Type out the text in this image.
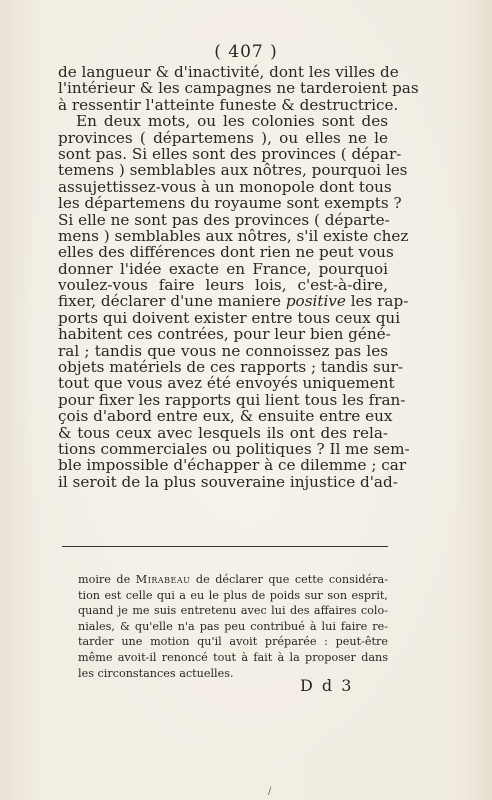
( 407 )
de langueur & d'inactivité, dont les villes de
l'intérieur & les campagnes ne tarderoient pas
à ressentir l'atteinte funeste & destructrice.
En deux mots, ou les colonies sont des
provinces ( départemens ), ou elles ne le
sont pas. Si elles sont des provinces ( dépar-
temens ) semblables aux nôtres, pourquoi les
assujettissez-vous à un monopole dont tous
les départemens du royaume sont exempts ?
Si elle ne sont pas des provinces ( départe-
mens ) semblables aux nôtres, s'il existe chez
elles des différences dont rien ne peut vous
donner l'idée exacte en France, pourquoi
voulez-vous faire leurs lois, c'est-à-dire,
fixer, déclarer d'une maniere positive les rap-
ports qui doivent exister entre tous ceux qui
habitent ces contrées, pour leur bien géné-
ral ; tandis que vous ne connoissez pas les
objets matériels de ces rapports ; tandis sur-
tout que vous avez été envoyés uniquement
pour fixer les rapports qui lient tous les fran-
çois d'abord entre eux, & ensuite entre eux
& tous ceux avec lesquels ils ont des rela-
tions commerciales ou politiques ? Il me sem-
ble impossible d'échapper à ce dilemme ; car
il seroit de la plus souveraine injustice d'ad-
moire de Mirabeau de déclarer que cette considéra-
tion est celle qui a eu le plus de poids sur son esprit,
quand je me suis entretenu avec lui des affaires colo-
niales, & qu'elle n'a pas peu contribué à lui faire re-
tarder une motion qu'il avoit préparée : peut-être
même avoit-il renoncé tout à fait à la proposer dans
les circonstances actuelles.
D d 3
/
